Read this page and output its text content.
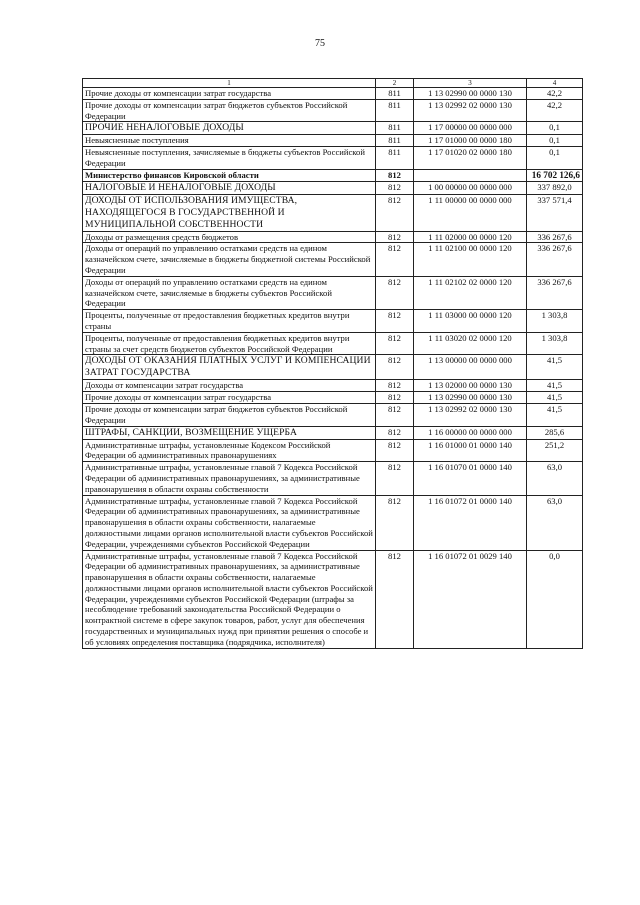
75
1	2	3	4
Прочие доходы от компенсации затрат государства	811	1 13 02990 00 0000 130	42,2
Прочие доходы от компенсации затрат бюджетов субъектов Российской Федерации	811	1 13 02992 02 0000 130	42,2
ПРОЧИЕ НЕНАЛОГОВЫЕ ДОХОДЫ	811	1 17 00000 00 0000 000	0,1
Невыясненные поступления	811	1 17 01000 00 0000 180	0,1
Невыясненные поступления, зачисляемые в бюджеты субъектов Российской Федерации	811	1 17 01020 02 0000 180	0,1
Министерство финансов Кировской области	812		16 702 126,6
НАЛОГОВЫЕ И НЕНАЛОГОВЫЕ ДОХОДЫ	812	1 00 00000 00 0000 000	337 892,0
ДОХОДЫ ОТ ИСПОЛЬЗОВАНИЯ ИМУЩЕСТВА, НАХОДЯЩЕГОСЯ В ГОСУДАРСТВЕННОЙ И МУНИЦИПАЛЬНОЙ СОБСТВЕННОСТИ	812	1 11 00000 00 0000 000	337 571,4
Доходы от размещения средств бюджетов	812	1 11 02000 00 0000 120	336 267,6
Доходы от операций по управлению остатками средств на едином казначейском счете, зачисляемые в бюджеты бюджетной системы Российской Федерации	812	1 11 02100 00 0000 120	336 267,6
Доходы от операций по управлению остатками средств на едином казначейском счете, зачисляемые в бюджеты субъектов Российской Федерации	812	1 11 02102 02 0000 120	336 267,6
Проценты, полученные от предоставления бюджетных кредитов внутри страны	812	1 11 03000 00 0000 120	1 303,8
Проценты, полученные от предоставления бюджетных кредитов внутри страны за счет средств бюджетов субъектов Российской Федерации	812	1 11 03020 02 0000 120	1 303,8
ДОХОДЫ ОТ ОКАЗАНИЯ ПЛАТНЫХ УСЛУГ И КОМПЕНСАЦИИ ЗАТРАТ ГОСУДАРСТВА	812	1 13 00000 00 0000 000	41,5
Доходы от компенсации затрат государства	812	1 13 02000 00 0000 130	41,5
Прочие доходы от компенсации затрат государства	812	1 13 02990 00 0000 130	41,5
Прочие доходы от компенсации затрат бюджетов субъектов Российской Федерации	812	1 13 02992 02 0000 130	41,5
ШТРАФЫ, САНКЦИИ, ВОЗМЕЩЕНИЕ УЩЕРБА	812	1 16 00000 00 0000 000	285,6
Административные штрафы, установленные Кодексом Российской Федерации об административных правонарушениях	812	1 16 01000 01 0000 140	251,2
Административные штрафы, установленные главой 7 Кодекса Российской Федерации об административных правонарушениях, за административные правонарушения в области охраны собственности	812	1 16 01070 01 0000 140	63,0
Административные штрафы, установленные главой 7 Кодекса Российской Федерации об административных правонарушениях, за административные правонарушения в области охраны собственности, налагаемые должностными лицами органов исполнительной власти субъектов Российской Федерации, учреждениями субъектов Российской Федерации	812	1 16 01072 01 0000 140	63,0
Административные штрафы, установленные главой 7 Кодекса Российской Федерации об административных правонарушениях, за административные правонарушения в области охраны собственности, налагаемые должностными лицами органов исполнительной власти субъектов Российской Федерации, учреждениями субъектов Российской Федерации (штрафы за несоблюдение требований законодательства Российской Федерации о контрактной системе в сфере закупок товаров, работ, услуг для обеспечения государственных и муниципальных нужд при принятии решения о способе и об условиях определения поставщика (подрядчика, исполнителя)	812	1 16 01072 01 0029 140	0,0
